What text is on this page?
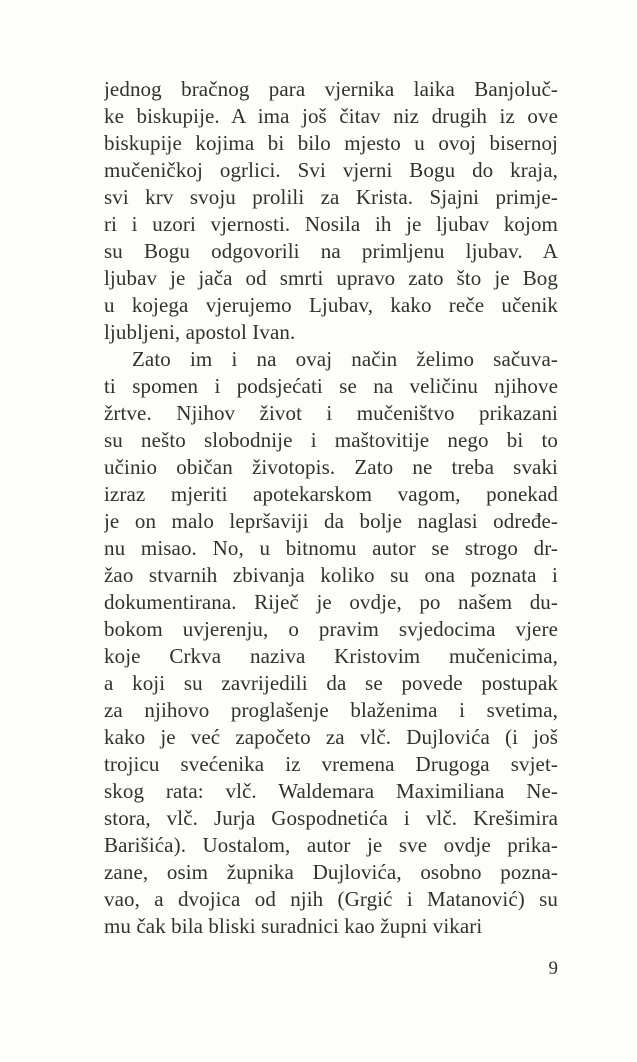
jednog bračnog para vjernika laika Banjoluč-
ke biskupije. A ima još čitav niz drugih iz ove
biskupije kojima bi bilo mjesto u ovoj bisernoj
mučeničkoj ogrlici. Svi vjerni Bogu do kraja,
svi krv svoju prolili za Krista. Sjajni primje-
ri i uzori vjernosti. Nosila ih je ljubav kojom
su Bogu odgovorili na primljenu ljubav. A
ljubav je jača od smrti upravo zato što je Bog
u kojega vjerujemo Ljubav, kako reče učenik
ljubljeni, apostol Ivan.
Zato im i na ovaj način želimo sačuva-
ti spomen i podsjećati se na veličinu njihove
žrtve. Njihov život i mučeništvo prikazani
su nešto slobodnije i maštovitije nego bi to
učinio običan životopis. Zato ne treba svaki
izraz mjeriti apotekarskom vagom, ponekad
je on malo lepršaviji da bolje naglasi određe-
nu misao. No, u bitnomu autor se strogo dr-
žao stvarnih zbivanja koliko su ona poznata i
dokumentirana. Riječ je ovdje, po našem du-
bokom uvjerenju, o pravim svjedocima vjere
koje Crkva naziva Kristovim mučenicima,
a koji su zavrijedili da se povede postupak
za njihovo proglašenje blaženima i svetima,
kako je već započeto za vlč. Dujlovića (i još
trojicu svećenika iz vremena Drugoga svjet-
skog rata: vlč. Waldemara Maximiliana Ne-
stora, vlč. Jurja Gospodnetića i vlč. Krešimira
Barišića). Uostalom, autor je sve ovdje prika-
zane, osim župnika Dujlovića, osobno pozna-
vao, a dvojica od njih (Grgić i Matanović) su
mu čak bila bliski suradnici kao župni vikari
9
